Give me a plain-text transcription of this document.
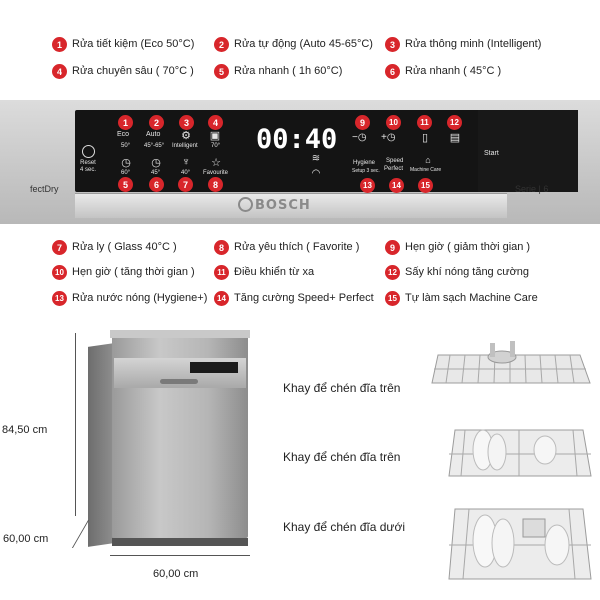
1 Rửa tiết kiệm (Eco 50°C)	2 Rửa tự động (Auto 45-65°C)	3 Rửa thông minh (Intelligent)
4 Rửa chuyên sâu ( 70°C )	5 Rửa nhanh ( 1h 60°C)	6 Rửa nhanh ( 45°C )
Reset
4 sec.
fectDry
1
Eco
50°
2
Auto
45°-65°
3
⚙
Intelligent
4
▣
70°
◷
60°
5
◷
45°
6
♆
40°
7
☆
Favourite
8
00:40
≋
◠
9
−◷
10
+◷
11
▯
12
▤
Hygiene
Setup 3 sec.
13
Speed
Perfect
14
⌂
Machine Care
15
Start
BOSCH
Serie | 6
7 Rửa ly ( Glass 40°C )	8 Rửa yêu thích ( Favorite )	9 Hẹn giờ ( giảm thời gian )
10 Hẹn giờ ( tăng thời gian )	11 Điều khiển từ xa	12 Sấy khí nóng tăng cường
13 Rửa nước nóng (Hygiene+)	14 Tăng cường Speed+ Perfect	15 Tự làm sạch Machine Care
84,50 cm
60,00 cm
60,00 cm
Khay để chén đĩa trên
Khay để chén đĩa trên
Khay để chén đĩa dưới
